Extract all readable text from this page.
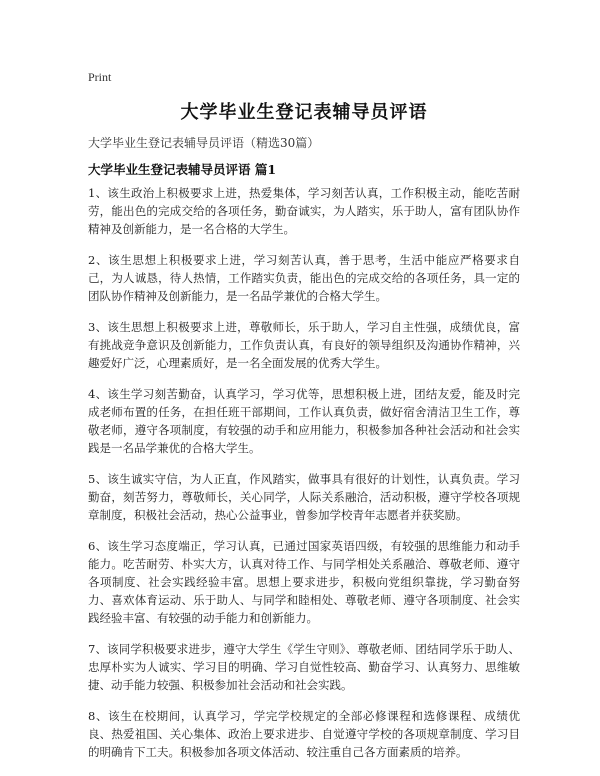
Print
大学毕业生登记表辅导员评语

大学毕业生登记表辅导员评语（精选30篇）

大学毕业生登记表辅导员评语 篇1

1、该生政治上积极要求上进，热爱集体，学习刻苦认真，工作积极主动，能吃苦耐劳，能出色的完成交给的各项任务，勤奋诚实，为人踏实，乐于助人，富有团队协作精神及创新能力，是一名合格的大学生。

2、该生思想上积极要求上进，学习刻苦认真，善于思考，生活中能应严格要求自己，为人诚恳，待人热情，工作踏实负责，能出色的完成交给的各项任务，具一定的团队协作精神及创新能力，是一名品学兼优的合格大学生。

3、该生思想上积极要求上进，尊敬师长，乐于助人，学习自主性强，成绩优良，富有挑战竞争意识及创新能力，工作负责认真，有良好的领导组织及沟通协作精神，兴趣爱好广泛，心理素质好，是一名全面发展的优秀大学生。

4、该生学习刻苦勤奋，认真学习，学习优等，思想积极上进，团结友爱，能及时完成老师布置的任务，在担任班干部期间，工作认真负责，做好宿舍清洁卫生工作，尊敬老师，遵守各项制度，有较强的动手和应用能力，积极参加各种社会活动和社会实践是一名品学兼优的合格大学生。

5、该生诚实守信，为人正直，作风踏实，做事具有很好的计划性，认真负责。学习勤奋，刻苦努力，尊敬师长，关心同学，人际关系融洽，活动积极，遵守学校各项规章制度，积极社会活动，热心公益事业，曾参加学校青年志愿者并获奖励。

6、该生学习态度端正，学习认真，已通过国家英语四级，有较强的思维能力和动手能力。吃苦耐劳、朴实大方，认真对待工作、与同学相处关系融洽、尊敬老师、遵守各项制度、社会实践经验丰富。思想上要求进步，积极向党组织靠拢，学习勤奋努力、喜欢体育运动、乐于助人、与同学和睦相处、尊敬老师、遵守各项制度、社会实践经验丰富、有较强的动手能力和创新能力。

7、该同学积极要求进步，遵守大学生《学生守则》、尊敬老师、团结同学乐于助人、忠厚朴实为人诚实、学习目的明确、学习自觉性较高、勤奋学习、认真努力、思维敏捷、动手能力较强、积极参加社会活动和社会实践。

8、该生在校期间，认真学习，学完学校规定的全部必修课程和选修课程、成绩优良、热爱祖国、关心集体、政治上要求进步、自觉遵守学校的各项规章制度、学习目的明确肯下工夫。积极参加各项文体活动、较注重自己各方面素质的培养。
